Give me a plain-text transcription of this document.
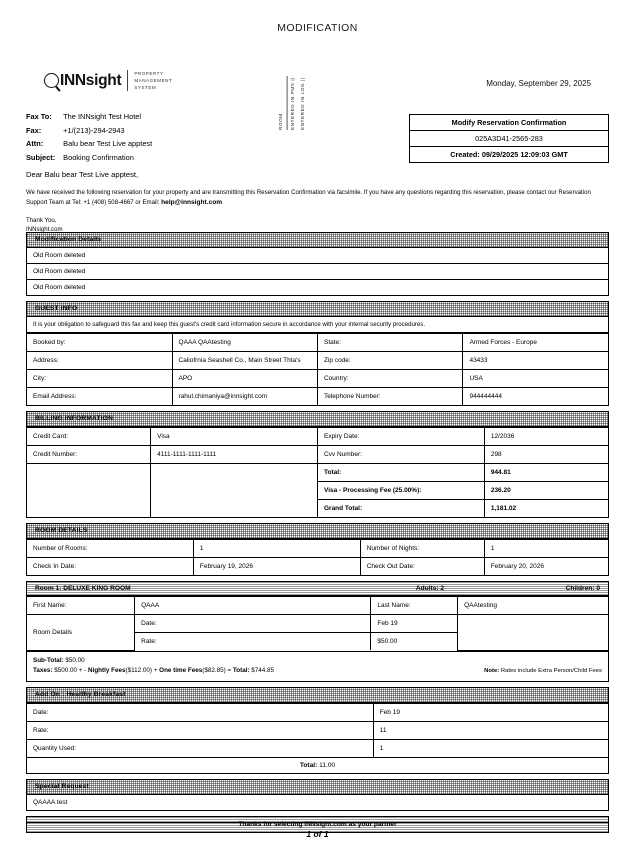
MODIFICATION
INN sight	PROPERTY
MANAGEMENT
SYSTEM
ROOM	ENTERED IN PMS ||	ENTERED IN LOG ||	Monday, September 29, 2025
Fax To:	The INNsight Test Hotel
Fax:	+1/(213)-294-2943
Attn:	Balu bear Test Live apptest
Subject:	Booking Confirmation
Modify Reservation Confirmation
025A3D41-2565-283
Created: 09/29/2025 12:09:03 GMT
Dear Balu bear Test Live apptest,
We have received the following reservation for your property and are transmitting this Reservation Confirmation via facsimile. If you have any questions regarding this reservation, please contact our Reservation Support Team at Tel: +1 (408) 508-4667 or Email: help@innsight.com
Thank You,
INNsight.com
Modification Details
Old Room deleted
Old Room deleted
Old Room deleted
GUEST INFO
It is your obligation to safeguard this fax and keep this guest's credit card information secure in accordance with your internal security procedures.
Booked by:	QAAA QAAtesting	State:	Armed Forces - Europe
Address:	Caliofrnia Seashell Co., Main Street Thta's	Zip code:	43433
City:	APO	Country:	USA
Email Address:	rahul.chimaniya@innsight.com	Telephone Number:	944444444
BILLING INFORMATION
Credit Card:	Visa	Expiry Date:	12/2036
Credit Number:	4111-1111-1111-1111	Cvv Number:	298
		Total:	944.81
		Visa - Processing Fee (25.00%):	236.20
		Grand Total:	1,181.02
ROOM DETAILS
Number of Rooms:	1	Number of Nights:	1
Check In Date:	February 19, 2026	Check Out Date:	February 20, 2026
Room 1: DELUXE KING ROOM	Adults: 2	Children: 0
First Name:	QAAA	Last Name:	QAAtesting
Room Details	Date:	Feb 19	
	Rate:	$50.00	
Sub-Total: $50.00
Taxes: $500.00 + - Nightly Fees($112.00) + One time Fees($82.85) = Total: $744.85	Note: Rates include Extra Person/Child Fees
Add On : Healthy Breakfast
Date:	Feb 19
Rate:	11
Quantity Used:	1
Total: 11.00
Special Request
QAAAA test
Thanks for selecting INNsight.com as your partner
1 of 1
